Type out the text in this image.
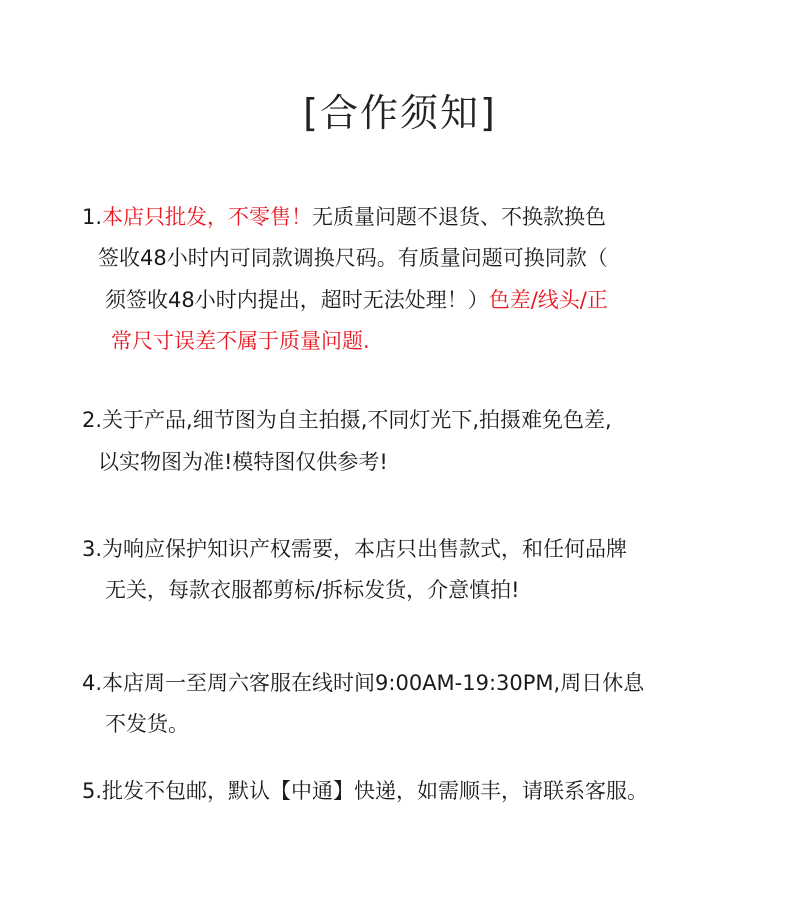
[合作须知]
1.本店只批发，不零售！无质量问题不退货、不换款换色
签收48小时内可同款调换尺码。有质量问题可换同款（
须签收48小时内提出，超时无法处理！）色差/线头/正
常尺寸误差不属于质量问题.
2.关于产品,细节图为自主拍摄,不同灯光下,拍摄难免色差,
以实物图为准!模特图仅供参考!
3.为响应保护知识产权需要，本店只出售款式，和任何品牌
无关，每款衣服都剪标/拆标发货，介意慎拍!
4.本店周一至周六客服在线时间9:00AM-19:30PM,周日休息
不发货。
5.批发不包邮，默认【中通】快递，如需顺丰，请联系客服。
